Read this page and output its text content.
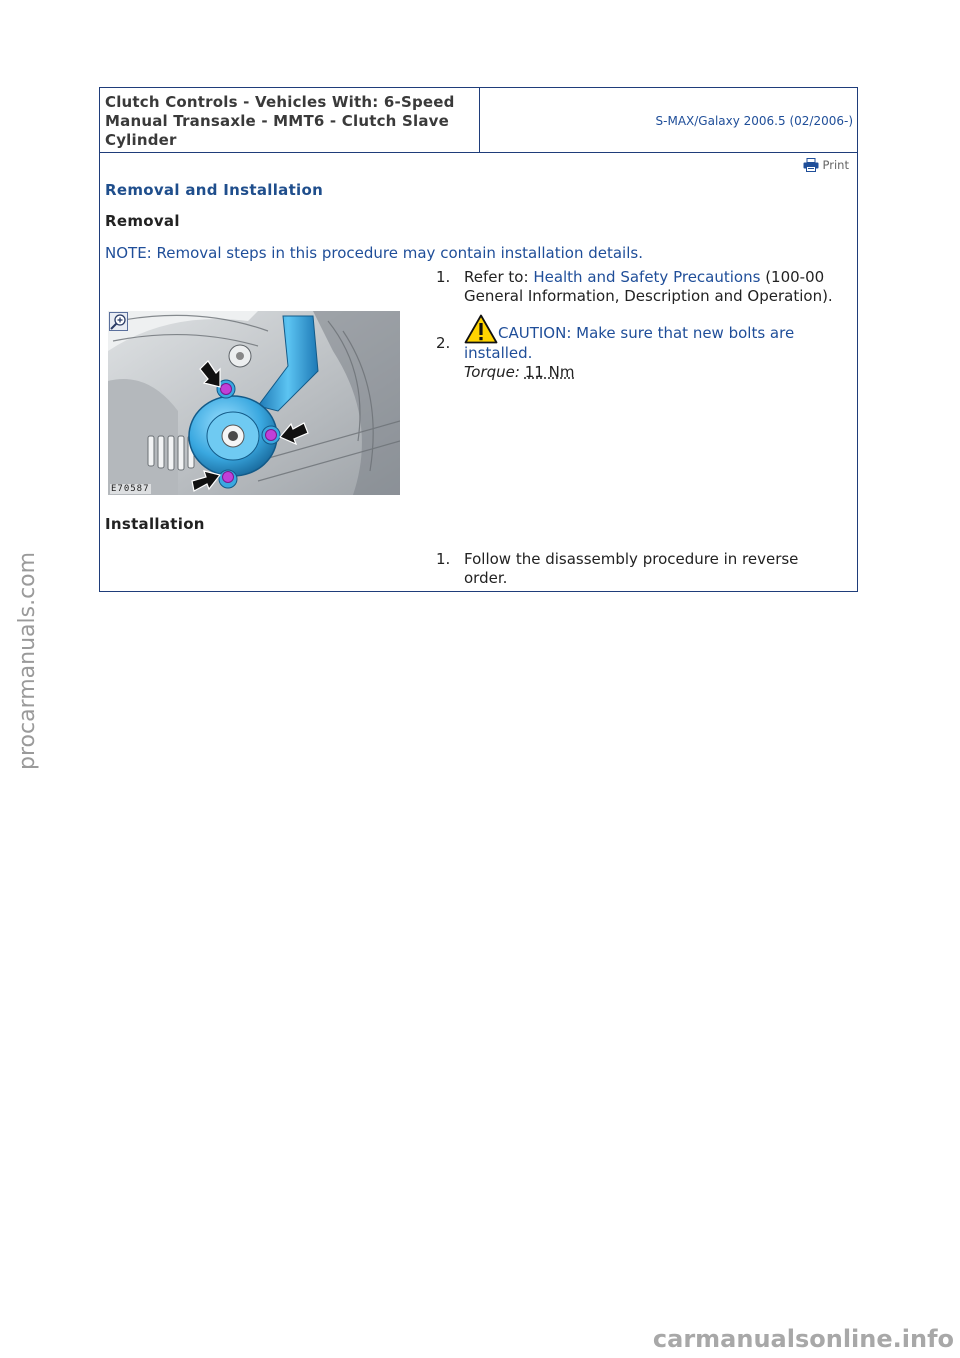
Clutch Controls - Vehicles With: 6-Speed
Manual Transaxle - MMT6 - Clutch Slave
Cylinder
S-MAX/Galaxy 2006.5 (02/2006-)
Print
Removal and Installation
Removal
NOTE: Removal steps in this procedure may contain installation details.
1. Refer to: Health and Safety Precautions (100-00
General Information, Description and Operation).
E70587
2.
CAUTION: Make sure that new bolts are
installed.
Torque: 11 Nm
Installation
1. Follow the disassembly procedure in reverse
order.
procarmanuals.com
carmanualsonline.info
